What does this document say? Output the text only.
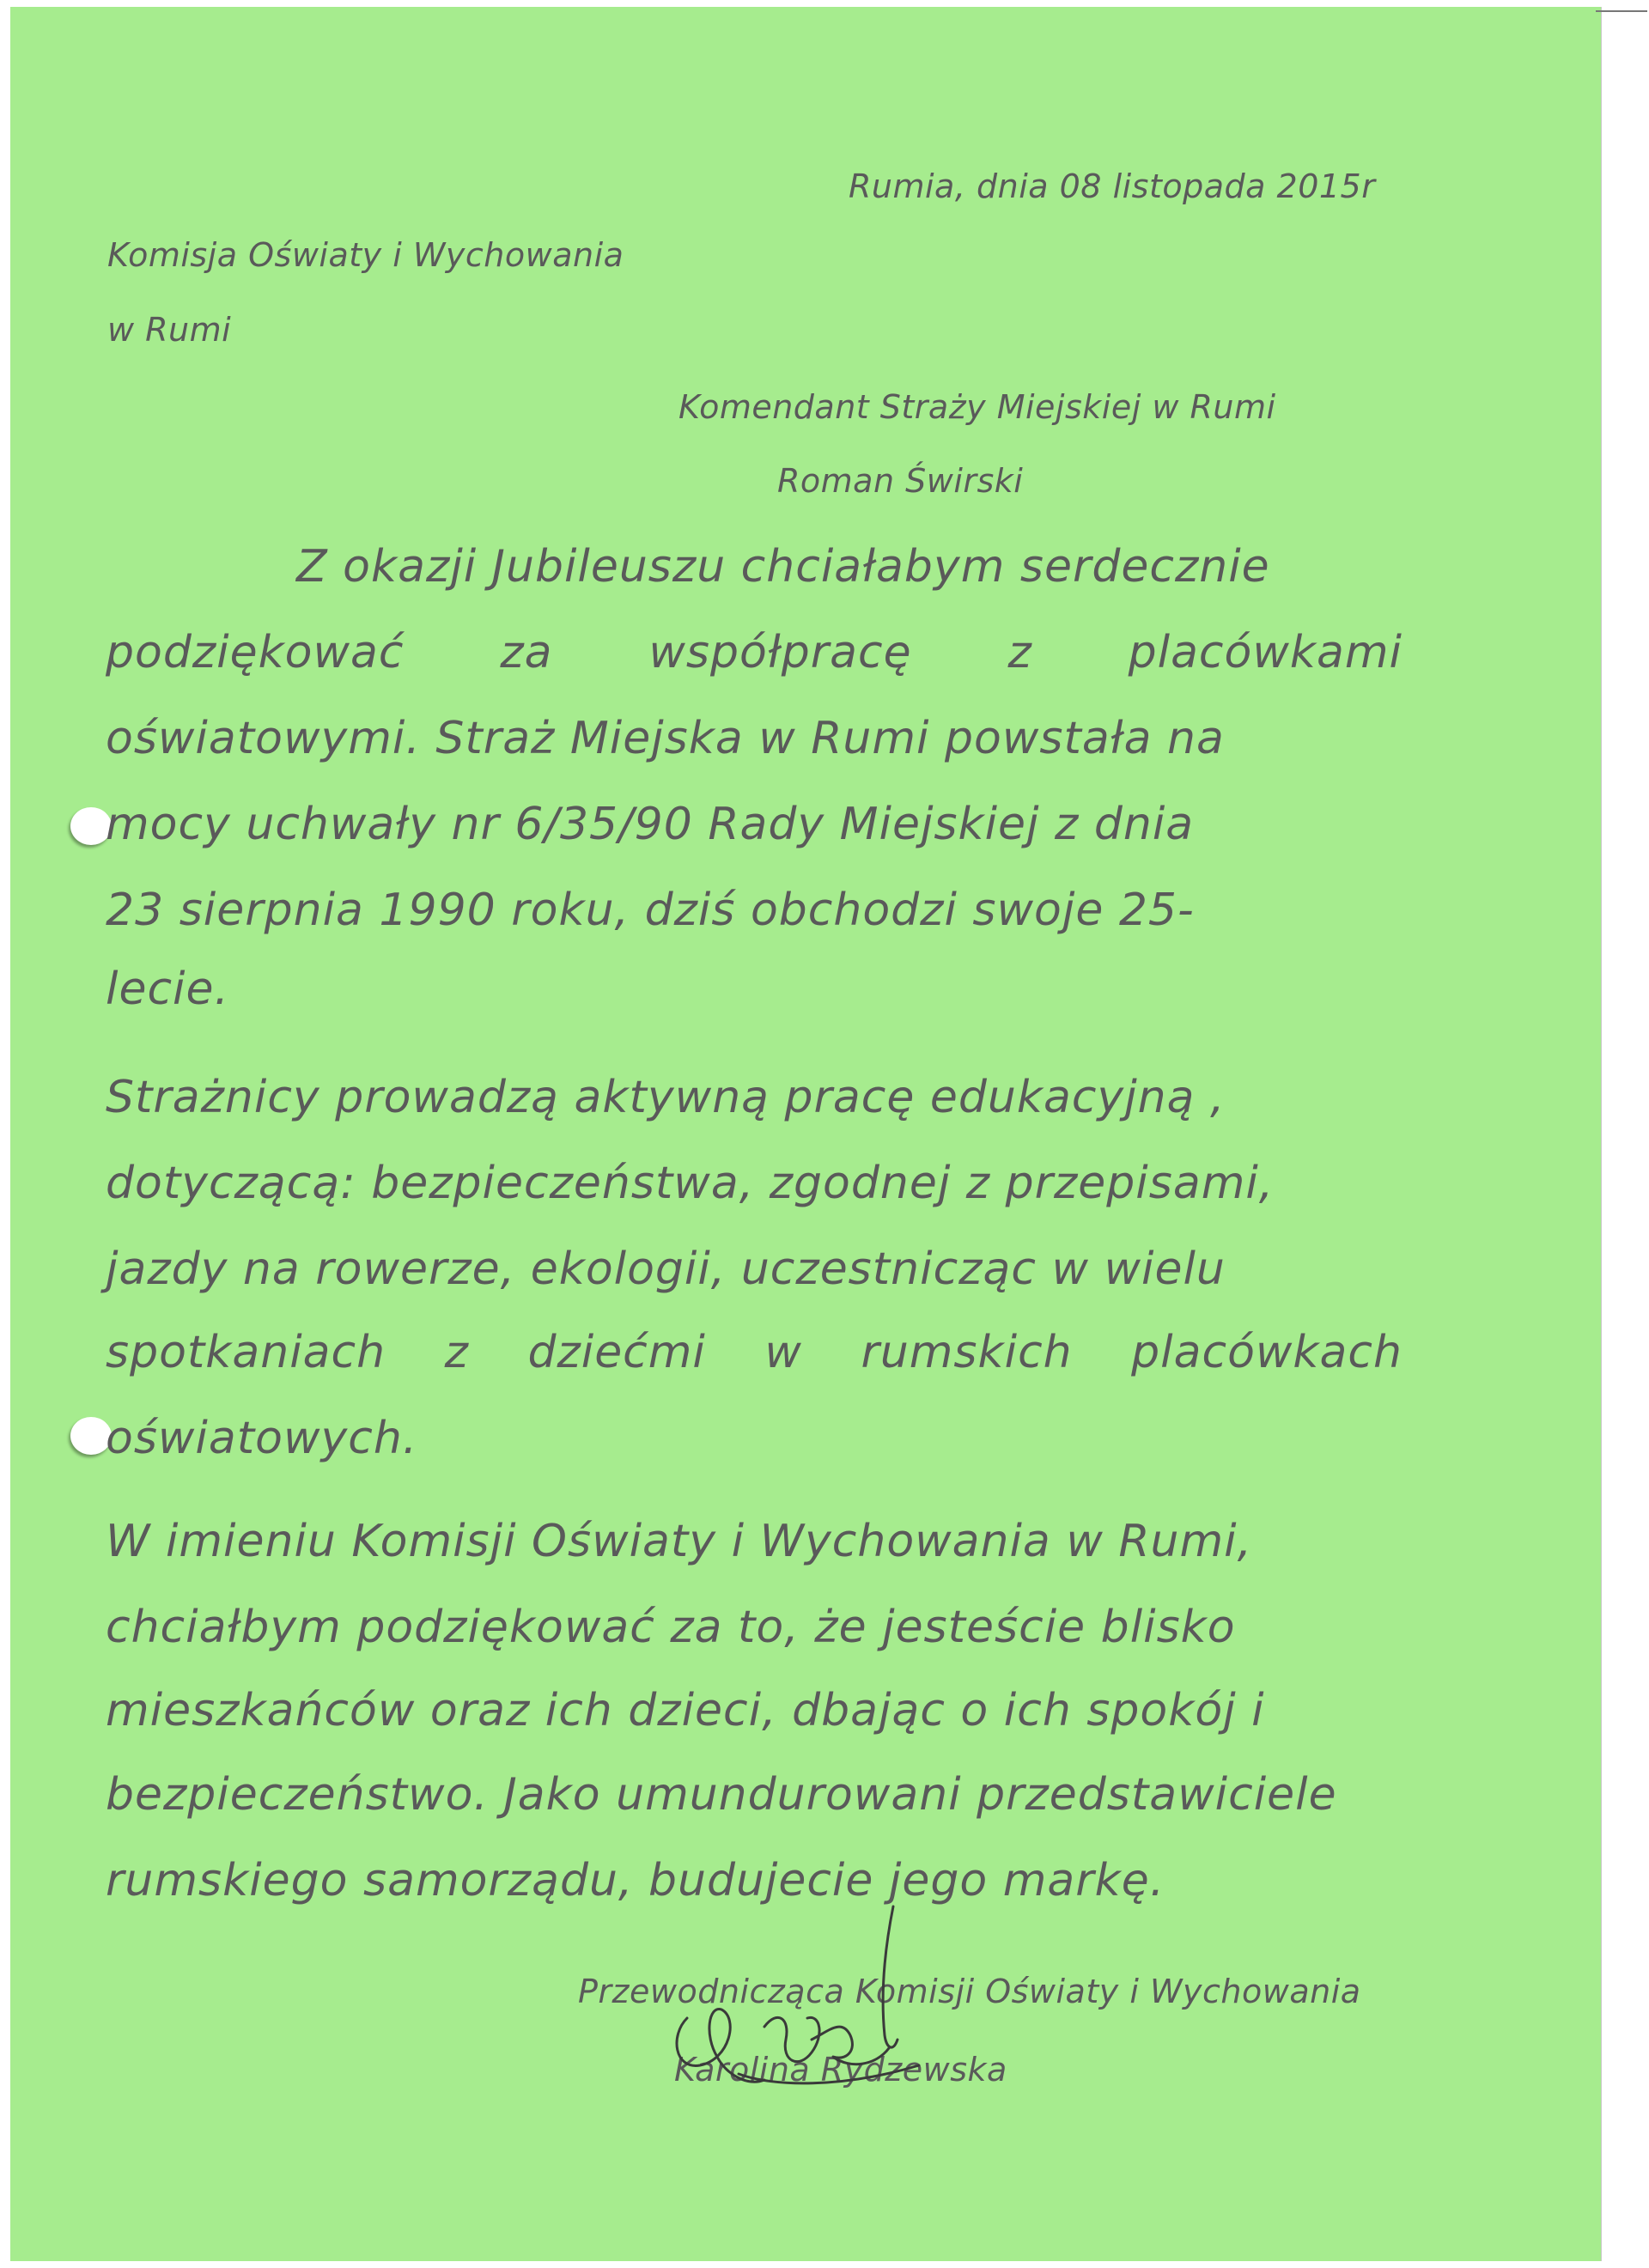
Rumia, dnia 08 listopada 2015r
Komisja Oświaty i Wychowania
w Rumi
Komendant Straży Miejskiej w Rumi
Roman Świrski
Z okazji Jubileuszu chciałabym serdecznie
podziękować za współpracę z placówkami
oświatowymi. Straż Miejska w Rumi powstała na
mocy uchwały nr 6/35/90 Rady Miejskiej z dnia
23 sierpnia 1990 roku, dziś obchodzi swoje 25-
lecie.
Strażnicy prowadzą aktywną pracę edukacyjną ,
dotyczącą: bezpieczeństwa, zgodnej z przepisami,
jazdy na rowerze, ekologii, uczestnicząc w wielu
spotkaniach z dziećmi w rumskich placówkach
oświatowych.
W imieniu Komisji Oświaty i Wychowania w Rumi,
chciałbym podziękować za to, że jesteście blisko
mieszkańców oraz ich dzieci, dbając o ich spokój i
bezpieczeństwo. Jako umundurowani przedstawiciele
rumskiego samorządu, budujecie jego markę.
Przewodnicząca Komisji Oświaty i Wychowania
Karolina Rydzewska
